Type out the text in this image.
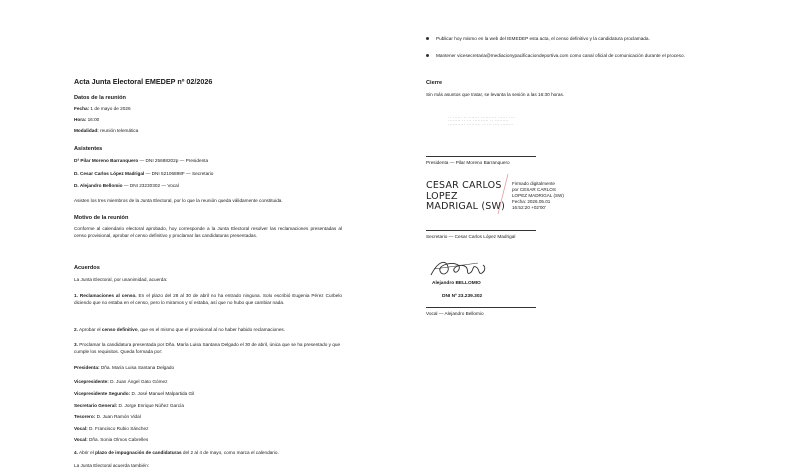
Acta Junta Electoral EMEDEP nº 02/2026
Datos de la reunión
Fecha: 1 de mayo de 2026
Hora: 16:00
Modalidad: reunión telemática
Asistentes
Dª Pilar Moreno Barranquero — DNI 25688202p — Presidenta
D. Cesar Carlos López Madrigal — DNI 52106898F — Secretario
D. Alejandro Bellomio — DNI 23230302 — Vocal
Asisten los tres miembros de la Junta Electoral, por lo que la reunión queda válidamente constituida.
Motivo de la reunión
Conforme al calendario electoral aprobado, hoy corresponde a la Junta Electoral resolver las reclamaciones presentadas al censo provisional, aprobar el censo definitivo y proclamar las candidaturas presentadas.
Acuerdos
La Junta Electoral, por unanimidad, acuerda:
1. Reclamaciones al censo. En el plazo del 28 al 30 de abril no ha entrado ninguna. Solo escribió Eugenia Pérez Curbelo diciendo que no estaba en el censo, pero lo miramos y sí estaba, así que no hubo que cambiar nada.
2. Aprobar el censo definitivo, que es el mismo que el provisional al no haber habido reclamaciones.
3. Proclamar la candidatura presentada por Dña. María Luisa Santana Delgado el 30 de abril, única que se ha presentado y que cumple los requisitos. Queda formada por:
Presidenta: Dña. María Luisa Santana Delgado
Vicepresidente: D. Juan Ángel Gato Gómez
Vicepresidente Segundo: D. José Manuel Malpartida Gil
Secretario General: D. Jorge Enrique Núñez García
Tesorero: D. Juan Ramón Vidal
Vocal: D. Francisco Rubio Sánchez
Vocal: Dña. Sonia Olmos Cabrelles
4. Abrir el plazo de impugnación de candidaturas del 2 al 4 de mayo, como marca el calendario.
La Junta Electoral acuerda también:
Publicar hoy mismo en la web del IEMEDEP esta acta, el censo definitivo y la candidatura proclamada.
Mantener vicesecretaria@mediacionypacificaciondeportiva.com como canal oficial de comunicación durante el proceso.
Cierre
Sin más asuntos que tratar, se levanta la sesión a las 16:30 horas.
·· ······ ·· ······· ·········· ······ ····
········ ·· ··· ·········· ·· ·········
··········· ········· ·· ··· ···· ········
Presidenta — Pilar Moreno Barranquero
CESAR CARLOS
LOPEZ
MADRIGAL (SW)
Firmado digitalmente
por CESAR CARLOS
LOPEZ MADRIGAL (SW)
Fecha: 2026.05.01
16:52:20 +02'00'
Secretario — Cesar Carlos López Madrigal
Alejandro BELLOMIO
DNI Nº 23.239.302
Vocal — Alejandro Bellomio
